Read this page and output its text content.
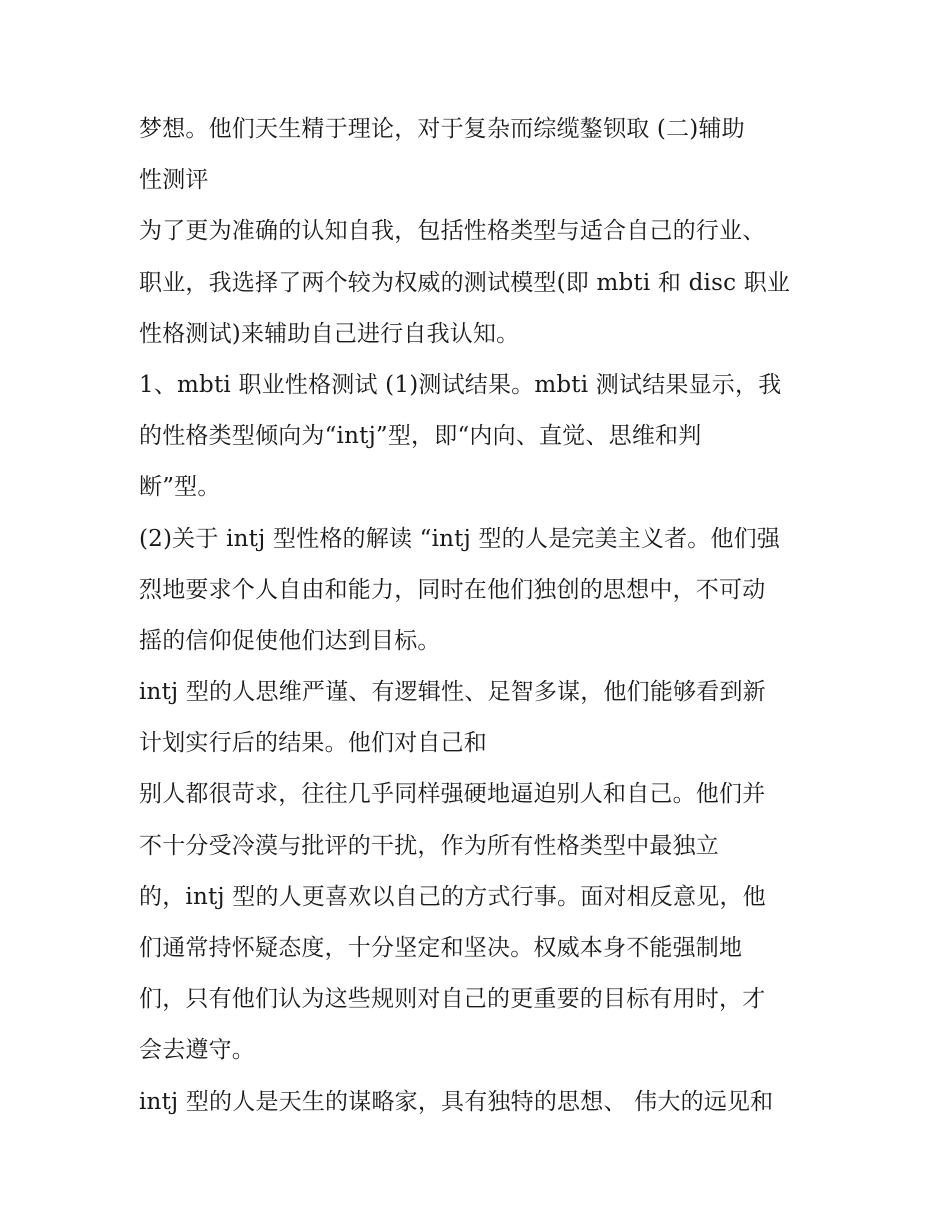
梦想。他们天生精于理论，对于复杂而综缆鏊钡取 (二)辅助
性测评
为了更为准确的认知自我，包括性格类型与适合自己的行业、
职业，我选择了两个较为权威的测试模型(即 mbti 和 disc 职业
性格测试)来辅助自己进行自我认知。
1、mbti 职业性格测试 (1)测试结果。mbti 测试结果显示，我
的性格类型倾向为“intj”型，即“内向、直觉、思维和判
断”型。
(2)关于 intj 型性格的解读 “intj 型的人是完美主义者。他们强
烈地要求个人自由和能力，同时在他们独创的思想中，不可动
摇的信仰促使他们达到目标。
intj 型的人思维严谨、有逻辑性、足智多谋，他们能够看到新
计划实行后的结果。他们对自己和
别人都很苛求，往往几乎同样强硬地逼迫别人和自己。他们并
不十分受冷漠与批评的干扰，作为所有性格类型中最独立
的，intj 型的人更喜欢以自己的方式行事。面对相反意见，他
们通常持怀疑态度，十分坚定和坚决。权威本身不能强制地
们，只有他们认为这些规则对自己的更重要的目标有用时，才
会去遵守。
intj 型的人是天生的谋略家，具有独特的思想、 伟大的远见和
